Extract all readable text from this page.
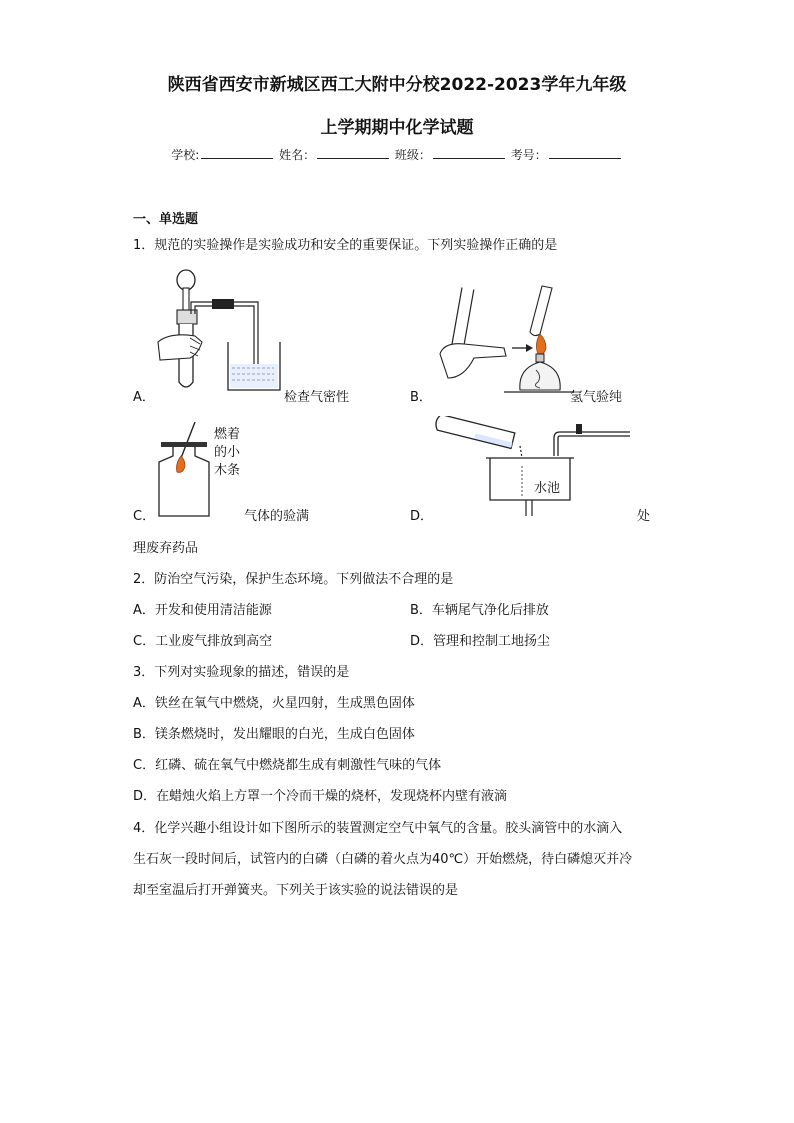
陕西省西安市新城区西工大附中分校2022-2023学年九年级
上学期期中化学试题
学校:	姓名：	班级：	考号：
一、单选题
1．规范的实验操作是实验成功和安全的重要保证。下列实验操作正确的是
A．	检查气密性	B．	氢气验纯
C．
燃着
的小
木条
气体的验满	D．
水池
处
理废弃药品
2．防治空气污染，保护生态环境。下列做法不合理的是
A．开发和使用清洁能源	B．车辆尾气净化后排放
C．工业废气排放到高空	D．管理和控制工地扬尘
3．下列对实验现象的描述，错误的是
A．铁丝在氧气中燃烧，火星四射，生成黑色固体
B．镁条燃烧时，发出耀眼的白光，生成白色固体
C．红磷、硫在氧气中燃烧都生成有刺激性气味的气体
D．在蜡烛火焰上方罩一个冷而干燥的烧杯，发现烧杯内壁有液滴
4．化学兴趣小组设计如下图所示的装置测定空气中氧气的含量。胶头滴管中的水滴入
生石灰一段时间后，试管内的白磷（白磷的着火点为40℃）开始燃烧，待白磷熄灭并冷
却至室温后打开弹簧夹。下列关于该实验的说法错误的是
